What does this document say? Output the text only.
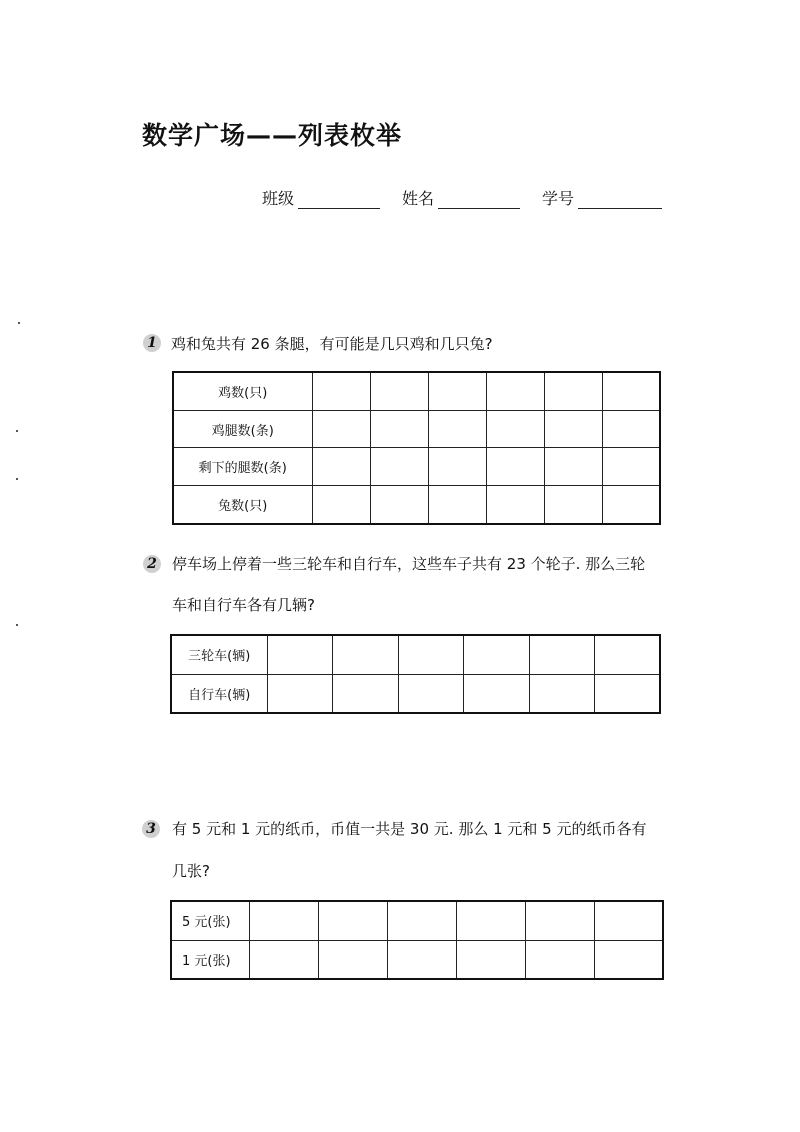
数学广场——列表枚举
班级	姓名	学号
1 鸡和兔共有 26 条腿，有可能是几只鸡和几只兔?
鸡数(只)						
鸡腿数(条)						
剩下的腿数(条)						
兔数(只)						
2 停车场上停着一些三轮车和自行车，这些车子共有 23 个轮子. 那么三轮
车和自行车各有几辆?
三轮车(辆)						
自行车(辆)						
3 有 5 元和 1 元的纸币，币值一共是 30 元. 那么 1 元和 5 元的纸币各有
几张?
5 元(张)						
1 元(张)						
